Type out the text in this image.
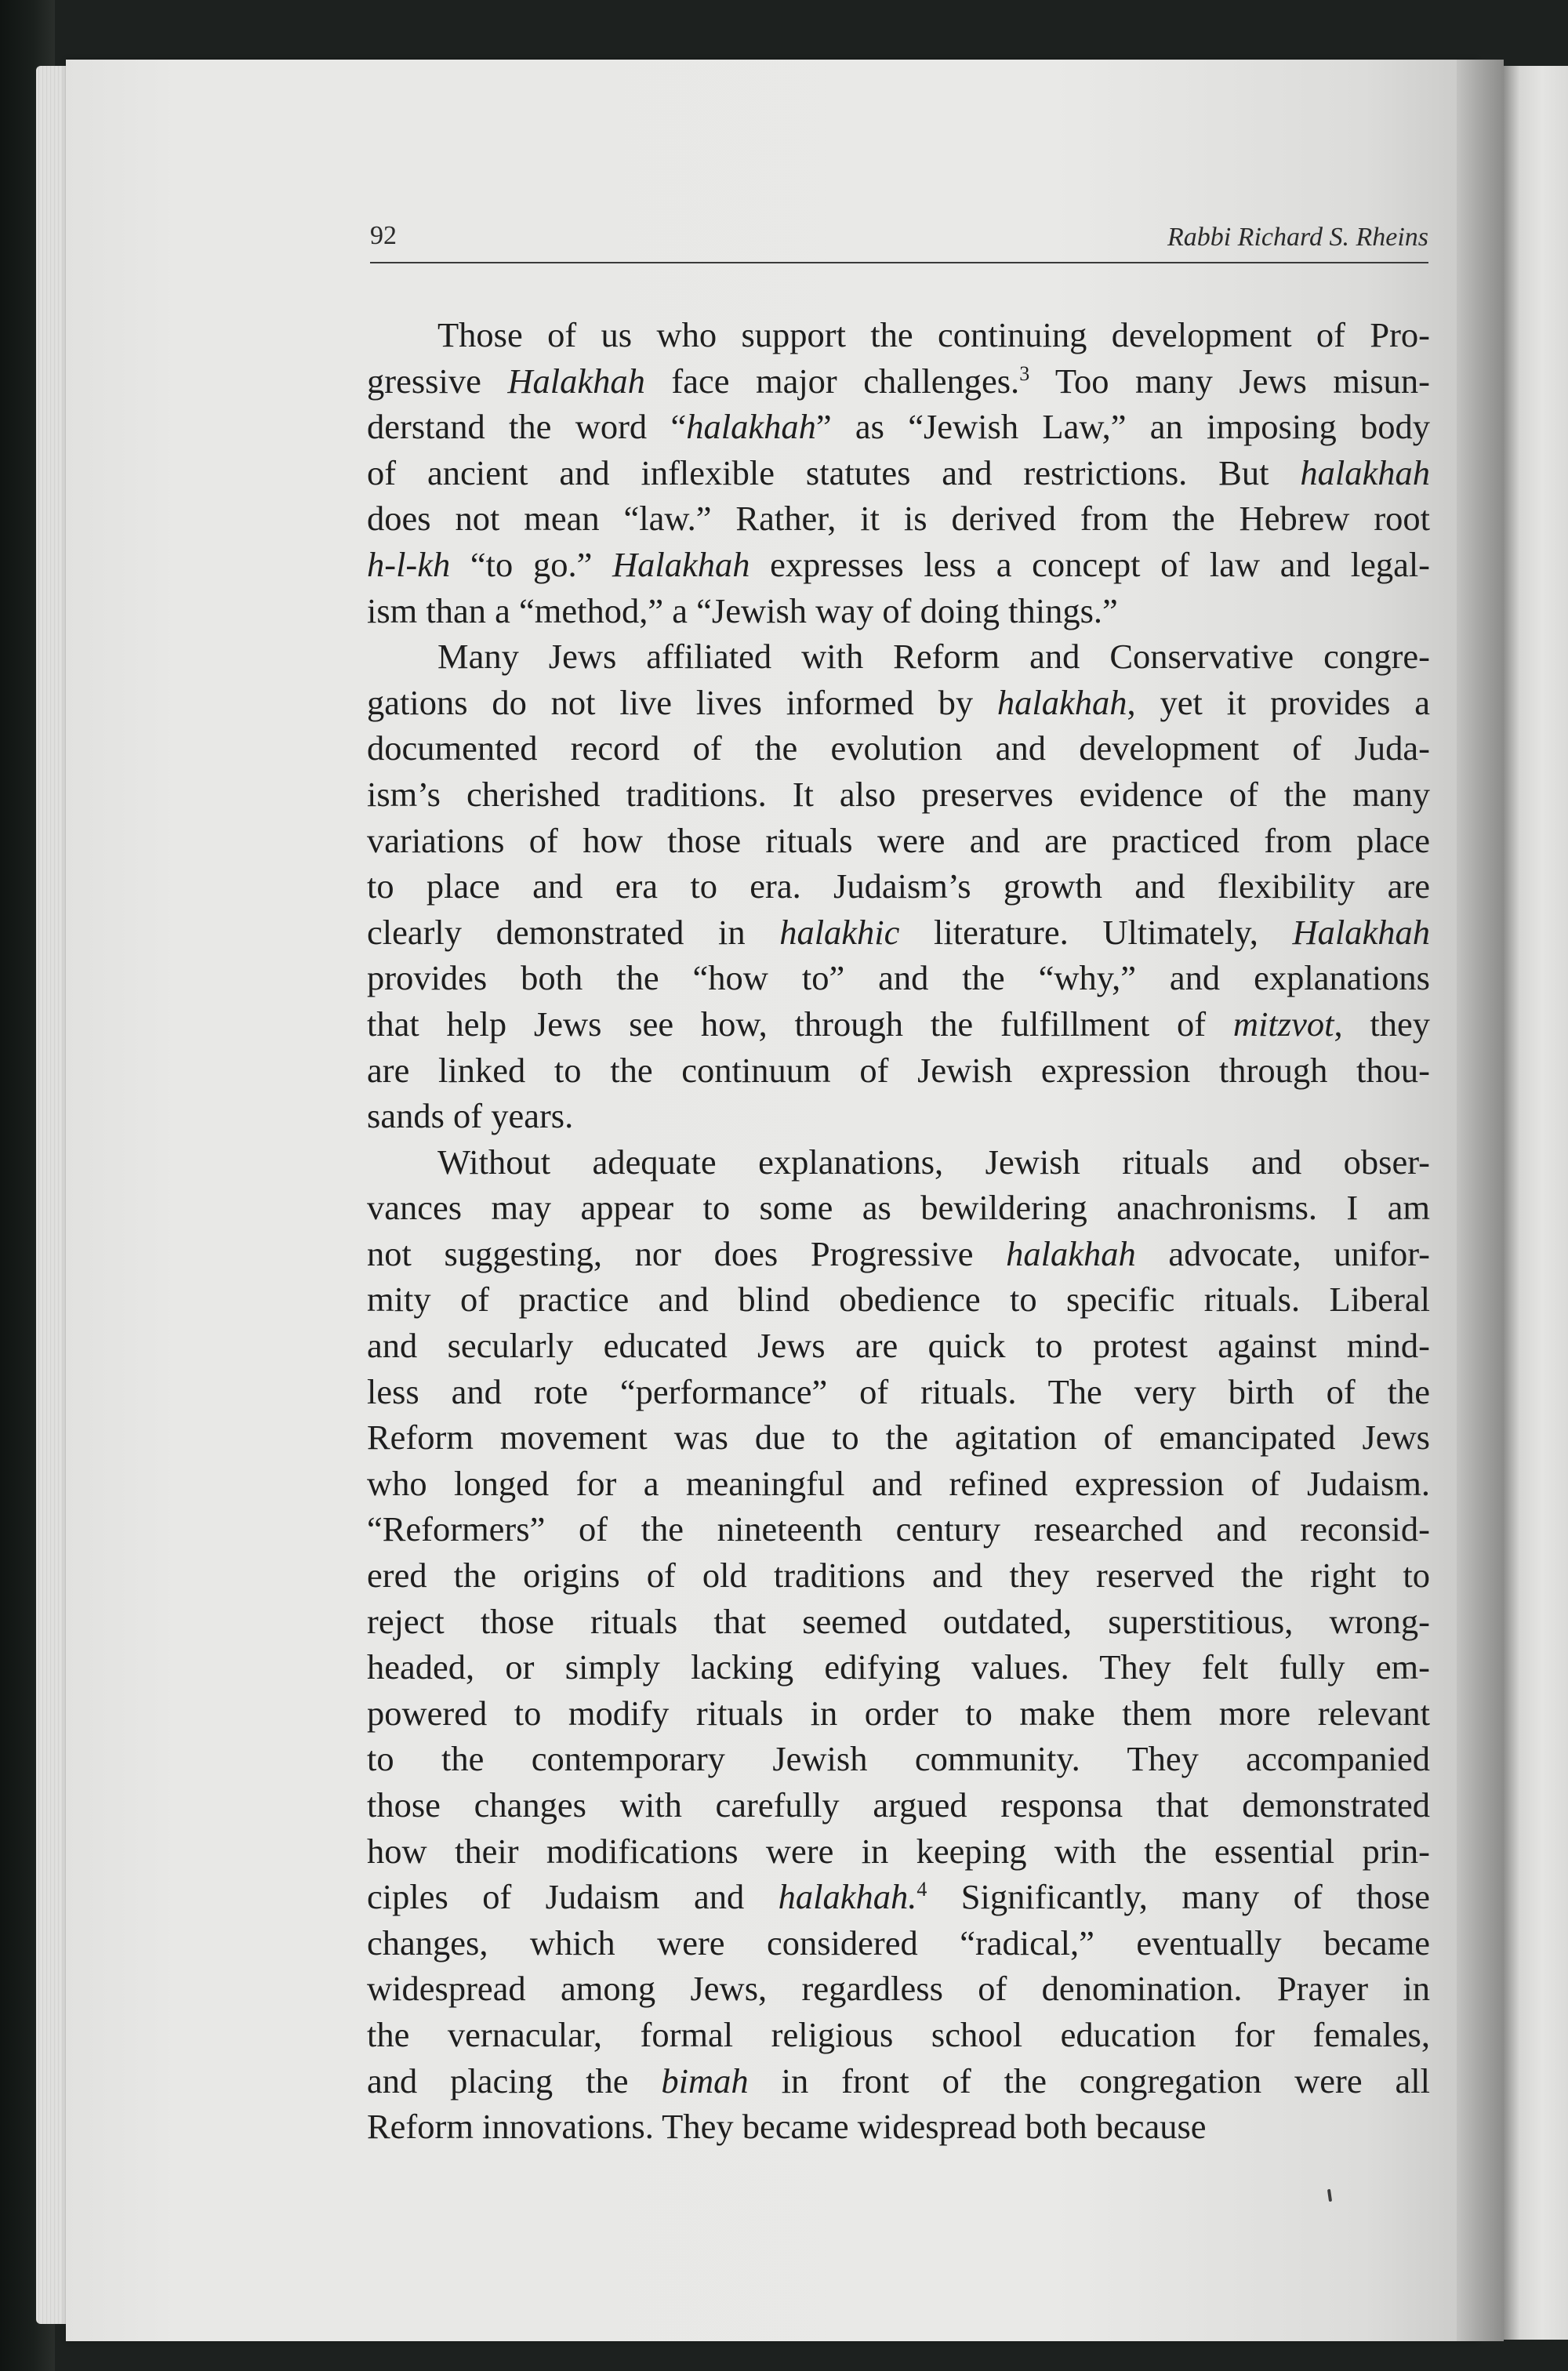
92	Rabbi Richard S. Rheins

Those of us who support the continuing development of Pro-
gressive Halakhah face major challenges.$^3$ Too many Jews misun-
derstand the word “halakhah” as “Jewish Law,” an imposing body
of ancient and inflexible statutes and restrictions. But halakhah
does not mean “law.” Rather, it is derived from the Hebrew root
h-l-kh “to go.” Halakhah expresses less a concept of law and legal-
ism than a “method,” a “Jewish way of doing things.”

Many Jews affiliated with Reform and Conservative congre-
gations do not live lives informed by halakhah, yet it provides a
documented record of the evolution and development of Juda-
ism’s cherished traditions. It also preserves evidence of the many
variations of how those rituals were and are practiced from place
to place and era to era. Judaism’s growth and flexibility are
clearly demonstrated in halakhic literature. Ultimately, Halakhah
provides both the “how to” and the “why,” and explanations
that help Jews see how, through the fulfillment of mitzvot, they
are linked to the continuum of Jewish expression through thou-
sands of years.

Without adequate explanations, Jewish rituals and obser-
vances may appear to some as bewildering anachronisms. I am
not suggesting, nor does Progressive halakhah advocate, unifor-
mity of practice and blind obedience to specific rituals. Liberal
and secularly educated Jews are quick to protest against mind-
less and rote “performance” of rituals. The very birth of the
Reform movement was due to the agitation of emancipated Jews
who longed for a meaningful and refined expression of Judaism.
“Reformers” of the nineteenth century researched and reconsid-
ered the origins of old traditions and they reserved the right to
reject those rituals that seemed outdated, superstitious, wrong-
headed, or simply lacking edifying values. They felt fully em-
powered to modify rituals in order to make them more relevant
to the contemporary Jewish community. They accompanied
those changes with carefully argued responsa that demonstrated
how their modifications were in keeping with the essential prin-
ciples of Judaism and halakhah.$^4$ Significantly, many of those
changes, which were considered “radical,” eventually became
widespread among Jews, regardless of denomination. Prayer in
the vernacular, formal religious school education for females,
and placing the bimah in front of the congregation were all
Reform innovations. They became widespread both because
